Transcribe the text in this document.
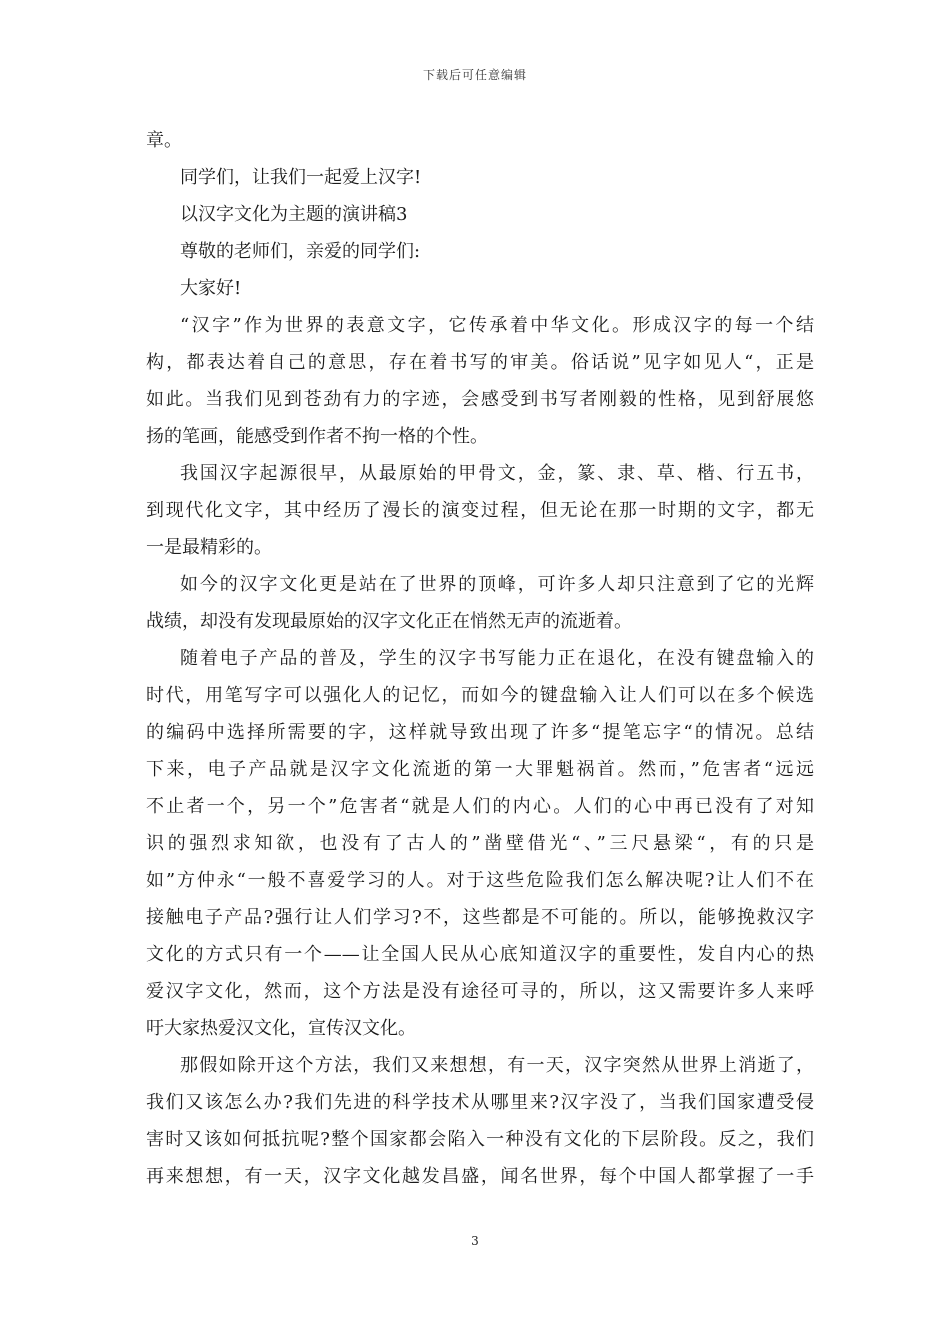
下载后可任意编辑
章。
同学们，让我们一起爱上汉字!
以汉字文化为主题的演讲稿3
尊敬的老师们，亲爱的同学们:
大家好!
“汉字”作为世界的表意文字，它传承着中华文化。形成汉字的每一个结
构，都表达着自己的意思，存在着书写的审美。俗话说”见字如见人“，正是
如此。当我们见到苍劲有力的字迹，会感受到书写者刚毅的性格，见到舒展悠
扬的笔画，能感受到作者不拘一格的个性。
我国汉字起源很早，从最原始的甲骨文，金，篆、隶、草、楷、行五书，
到现代化文字，其中经历了漫长的演变过程，但无论在那一时期的文字，都无
一是最精彩的。
如今的汉字文化更是站在了世界的顶峰，可许多人却只注意到了它的光辉
战绩，却没有发现最原始的汉字文化正在悄然无声的流逝着。
随着电子产品的普及，学生的汉字书写能力正在退化，在没有键盘输入的
时代，用笔写字可以强化人的记忆，而如今的键盘输入让人们可以在多个候选
的编码中选择所需要的字，这样就导致出现了许多“提笔忘字“的情况。总结
下来，电子产品就是汉字文化流逝的第一大罪魁祸首。然而，”危害者“远远
不止者一个，另一个”危害者“就是人们的内心。人们的心中再已没有了对知
识的强烈求知欲，也没有了古人的”凿壁借光“、”三尺悬梁“，有的只是
如”方仲永“一般不喜爱学习的人。对于这些危险我们怎么解决呢?让人们不在
接触电子产品?强行让人们学习?不，这些都是不可能的。所以，能够挽救汉字
文化的方式只有一个——让全国人民从心底知道汉字的重要性，发自内心的热
爱汉字文化，然而，这个方法是没有途径可寻的，所以，这又需要许多人来呼
吁大家热爱汉文化，宣传汉文化。
那假如除开这个方法，我们又来想想，有一天，汉字突然从世界上消逝了，
我们又该怎么办?我们先进的科学技术从哪里来?汉字没了，当我们国家遭受侵
害时又该如何抵抗呢?整个国家都会陷入一种没有文化的下层阶段。反之，我们
再来想想，有一天，汉字文化越发昌盛，闻名世界，每个中国人都掌握了一手
3
